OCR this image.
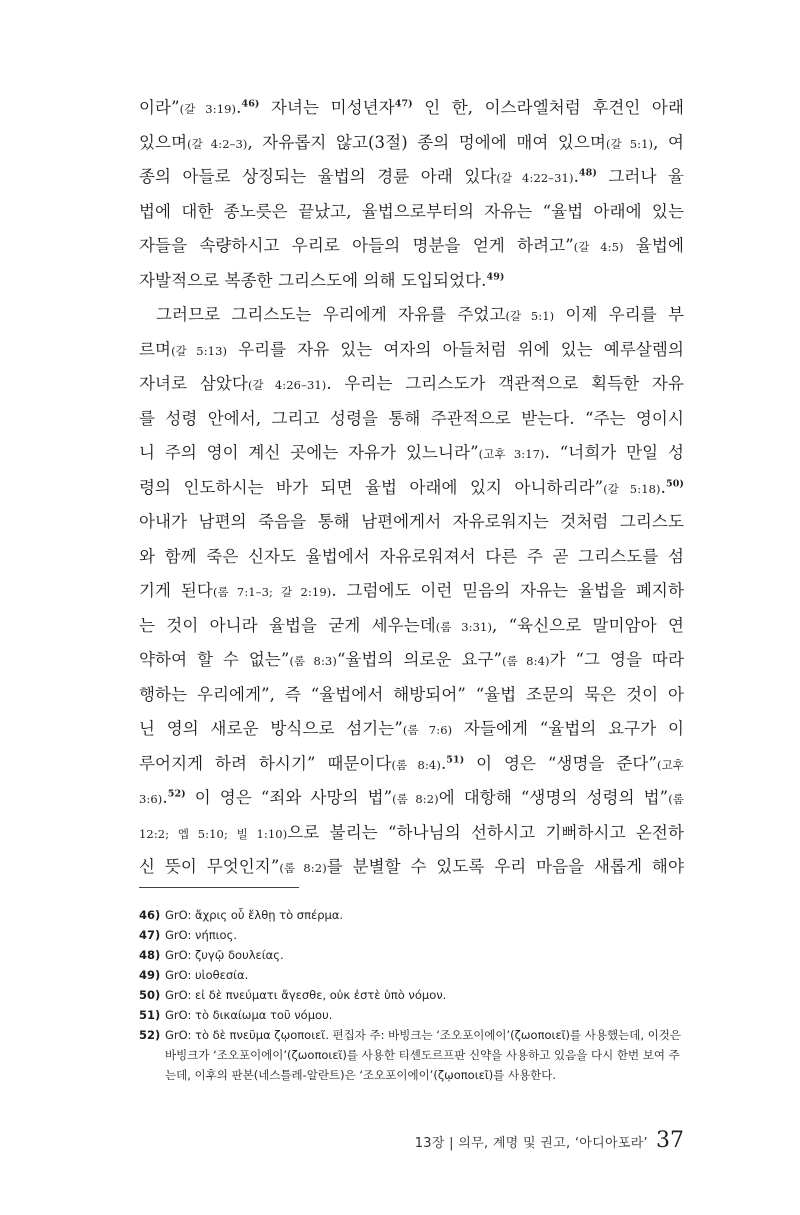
이라”(갈 3:19).$^{46)}$ 자녀는 미성년자$^{47)}$ 인 한, 이스라엘처럼 후견인 아래
있으며(갈 4:2–3), 자유롭지 않고(3절) 종의 멍에에 매여 있으며(갈 5:1), 여
종의 아들로 상징되는 율법의 경륜 아래 있다(갈 4:22–31).$^{48)}$ 그러나 율
법에 대한 종노릇은 끝났고, 율법으로부터의 자유는 “율법 아래에 있는
자들을 속량하시고 우리로 아들의 명분을 얻게 하려고”(갈 4:5) 율법에
자발적으로 복종한 그리스도에 의해 도입되었다.$^{49)}$
그러므로 그리스도는 우리에게 자유를 주었고(갈 5:1) 이제 우리를 부
르며(갈 5:13) 우리를 자유 있는 여자의 아들처럼 위에 있는 예루살렘의
자녀로 삼았다(갈 4:26–31). 우리는 그리스도가 객관적으로 획득한 자유
를 성령 안에서, 그리고 성령을 통해 주관적으로 받는다. “주는 영이시
니 주의 영이 계신 곳에는 자유가 있느니라”(고후 3:17). “너희가 만일 성
령의 인도하시는 바가 되면 율법 아래에 있지 아니하리라”(갈 5:18).$^{50)}$
아내가 남편의 죽음을 통해 남편에게서 자유로워지는 것처럼 그리스도
와 함께 죽은 신자도 율법에서 자유로워져서 다른 주 곧 그리스도를 섬
기게 된다(롬 7:1–3; 갈 2:19). 그럼에도 이런 믿음의 자유는 율법을 폐지하
는 것이 아니라 율법을 굳게 세우는데(롬 3:31), “육신으로 말미암아 연
약하여 할 수 없는”(롬 8:3)“율법의 의로운 요구”(롬 8:4)가 “그 영을 따라
행하는 우리에게”, 즉 “율법에서 해방되어” “율법 조문의 묵은 것이 아
닌 영의 새로운 방식으로 섬기는”(롬 7:6) 자들에게 “율법의 요구가 이
루어지게 하려 하시기” 때문이다(롬 8:4).$^{51)}$ 이 영은 “생명을 준다”(고후
3:6).$^{52)}$ 이 영은 “죄와 사망의 법”(롬 8:2)에 대항해 “생명의 성령의 법”(롬
12:2; 엡 5:10; 빌 1:10)으로 불리는 “하나님의 선하시고 기뻐하시고 온전하
신 뜻이 무엇인지”(롬 8:2)를 분별할 수 있도록 우리 마음을 새롭게 해야
46) GrO: ἄχρις οὗ ἔλθῃ τὸ σπέρμα.
47) GrO: νήπιος.
48) GrO: ζυγῷ δουλείας.
49) GrO: υἱοθεσία.
50) GrO: εἰ δὲ πνεύματι ἄγεσθε, οὐκ ἐστὲ ὑπὸ νόμον.
51) GrO: τὸ δικαίωμα τοῦ νόμου.
52) GrO: τὸ δὲ πνεῦμα ζῳοποιεῖ. 편집자 주: 바빙크는 ‘조오포이에이’(ζωοποιεῖ)를 사용했는데, 이것은 바빙크가 ‘조오포이에이’(ζωοποιεῖ)를 사용한 티센도르프판 신약을 사용하고 있음을 다시 한번 보여 주는데, 이후의 판본(네스틀레-알란트)은 ‘조오포이에이’(ζῳοποιεῖ)를 사용한다.
13장 | 의무, 계명 및 권고, ‘아디아포라’ 37
